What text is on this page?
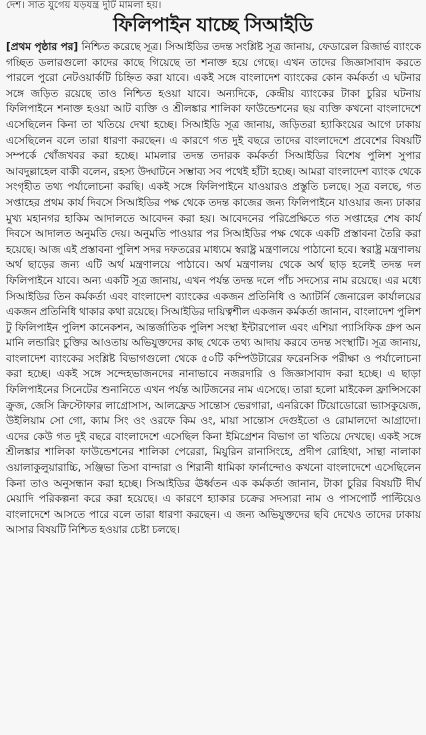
দেশ। সাত যুগেয় যড়যন্ত্র দুটি মামলা হয়।
ফিলিপাইন যাচ্ছে সিআইডি
[প্রথম পৃষ্ঠার পর] নিশ্চিত করেছে সূত্র। সিআইডির তদন্ত সংশ্লিষ্ট সূত্র জানায়, ফেডারেল রিজার্ভ ব্যাংকে গচ্ছিত ডলারগুলো কাদের কাছে গিয়েছে তা শনাক্ত হয়ে গেছে। এখন তাদের জিজ্ঞাসাবাদ করতে পারলে পুরো নেটওয়ার্কটি চিহ্নিত করা যাবে। একই সঙ্গে বাংলাদেশ ব্যাংকের কোন কর্মকর্তা এ ঘটনার সঙ্গে জড়িত রয়েছে তাও নিশ্চিত হওয়া যাবে। অন্যদিকে, কেন্দ্রীয় ব্যাংকের টাকা চুরির ঘটনায় ফিলিপাইনে শনাক্ত হওয়া আট ব্যক্তি ও শ্রীলঙ্কার শালিকা ফাউন্ডেশনের ছয় ব্যক্তি কখনো বাংলাদেশে এসেছিলেন কিনা তা খতিয়ে দেখা হচ্ছে। সিআইডি সূত্র জানায়, জড়িতরা হ্যাকিংয়ের আগে ঢাকায় এসেছিলেন বলে তারা ধারণা করছেন। এ কারণে গত দুই বছরে তাদের বাংলাদেশে প্রবেশের বিষয়টি সম্পর্কে খোঁজখবর করা হচ্ছে। মামলার তদন্ত তদারক কর্মকর্তা সিআইডির বিশেষ পুলিশ সুপার আবদুল্লাহেল বাকী বলেন, রহস্য উদ্ঘাটনে সম্ভাব্য সব পথেই হাঁটা হচ্ছে। আমরা বাংলাদেশ ব্যাংক থেকে সংগৃহীত তথ্য পর্যালোচনা করছি। একই সঙ্গে ফিলিপাইনে যাওয়ারও প্রস্তুতি চলছে। সূত্র বলছে, গত সপ্তাহের প্রথম কার্য দিবসে সিআইডির পক্ষ থেকে তদন্ত কাজের জন্য ফিলিপাইনে যাওয়ার জন্য ঢাকার মুখ্য মহানগর হাকিম আদালতে আবেদন করা হয়। আবেদনের পরিপ্রেক্ষিতে গত সপ্তাহের শেষ কার্য দিবসে আদালত অনুমতি দেয়। অনুমতি পাওয়ার পর সিআইডির পক্ষ থেকে একটি প্রস্তাবনা তৈরি করা হয়েছে। আজ এই প্রস্তাবনা পুলিশ সদর দফতরের মাধ্যমে স্বরাষ্ট্র মন্ত্রণালয়ে পাঠানো হবে। স্বরাষ্ট্র মন্ত্রণালয় অর্থ ছাড়ের জন্য এটি অর্থ মন্ত্রণালয়ে পাঠাবে। অর্থ মন্ত্রণালয় থেকে অর্থ ছাড় হলেই তদন্ত দল ফিলিপাইনে যাবে। অন্য একটি সূত্র জানায়, এখন পর্যন্ত তদন্ত দলে পাঁচ সদস্যের নাম রয়েছে। এর মধ্যে সিআইডির তিন কর্মকর্তা এবং বাংলাদেশ ব্যাংকের একজন প্রতিনিধি ও অ্যাটর্নি জেনারেল কার্যালয়ের একজন প্রতিনিধি থাকার কথা রয়েছে। সিআইডির দায়িত্বশীল একজন কর্মকর্তা জানান, বাংলাদেশ পুলিশ টু ফিলিপাইন পুলিশ কানেকশন, আন্তর্জাতিক পুলিশ সংস্থা ইন্টারপোল এবং এশিয়া প্যাসিফিক গ্রুপ অন মানি লন্ডারিং চুক্তির আওতায় অভিযুক্তদের কাছ থেকে তথ্য আদায় করবে তদন্ত সংস্থাটি। সূত্র জানায়, বাংলাদেশ ব্যাংকের সংশ্লিষ্ট বিভাগগুলো থেকে ৫০টি কম্পিউটারের ফরেনসিক পরীক্ষা ও পর্যালোচনা করা হচ্ছে। একই সঙ্গে সন্দেহভাজনদের নানাভাবে নজরদারি ও জিজ্ঞাসাবাদ করা হচ্ছে। এ ছাড়া ফিলিপাইনের সিনেটের শুনানিতে এখন পর্যন্ত আটজনের নাম এসেছে। তারা হলো মাইকেল ফ্রান্সিসকো ক্রুজ, জেসি ক্রিস্টোফার লাগ্রোসাস, আলফ্রেড সান্তোস ভেরগারা, এনরিকো টিয়োডোরো ভ্যাসকুয়েজ, উইলিয়াম সো গো, ক্যাম সিং ওং ওরফে কিম ওং, মায়া সান্তোস দেগুইতো ও রোমালদো আগ্রাদো। এদের কেউ গত দুই বছরে বাংলাদেশে এসেছিল কিনা ইমিগ্রেশন বিভাগ তা খতিয়ে দেখছে। একই সঙ্গে শ্রীলঙ্কার শালিকা ফাউন্ডেশনের শালিকা পেরেরা, মিয়ুরিন রানাসিংহে, প্রদীপ রোহিথা, সান্থা নালাকা ওয়ালাকুলুয়ারাচ্চি, সঞ্জিভা তিসা বান্দারা ও শিরানী ধামিকা ফার্নান্দোও কখনো বাংলাদেশে এসেছিলেন কিনা তাও অনুসন্ধান করা হচ্ছে। সিআইডির ঊর্ধ্বতন এক কর্মকর্তা জানান, টাকা চুরির বিষয়টি দীর্ঘ মেয়াদি পরিকল্পনা করে করা হয়েছে। এ কারণে হ্যাকার চক্রের সদস্যরা নাম ও পাসপোর্ট পাল্টিয়েও বাংলাদেশে আসতে পারে বলে তারা ধারণা করছেন। এ জন্য অভিযুক্তদের ছবি দেখেও তাদের ঢাকায় আসার বিষয়টি নিশ্চিত হওয়ার চেষ্টা চলছে।
